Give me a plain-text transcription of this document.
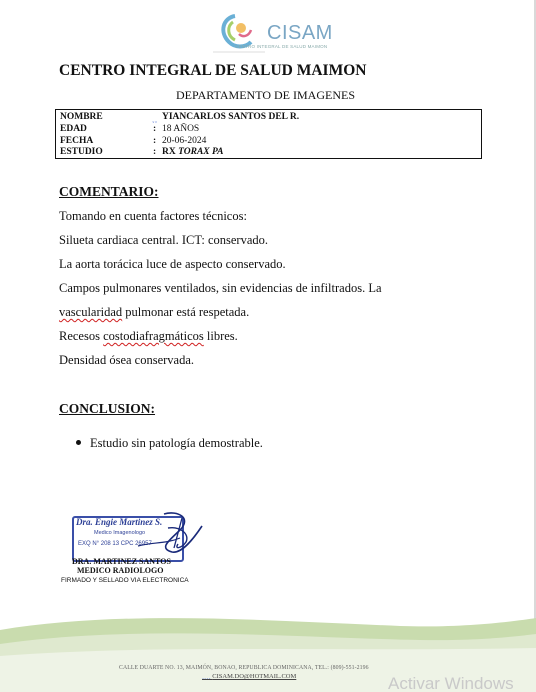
CISAM
CENTRO INTEGRAL DE SALUD MAIMON
CENTRO INTEGRAL DE SALUD MAIMON
DEPARTAMENTO DE IMAGENES
NOMBRE	˯˯ YIANCARLOS SANTOS DEL R.
EDAD	: 18 AÑOS
FECHA	: 20-06-2024
ESTUDIO	: RX TORAX PA
COMENTARIO:
Tomando en cuenta factores técnicos:
Silueta cardiaca central. ICT: conservado.
La aorta torácica luce de aspecto conservado.
Campos pulmonares ventilados, sin evidencias de infiltrados. La
vascularidad pulmonar está respetada.
Recesos costodiafragmáticos libres.
Densidad ósea conservada.
CONCLUSION:
Estudio sin patología demostrable.
Dra. Engie Martinez S.
Medico Imagenologo
EXQ N° 208 13 CPC 26957
DRA. MARTINEZ SANTOS
MEDICO RADIOLOGO
FIRMADO Y SELLADO VIA ELECTRONICA
CALLE DUARTE NO. 13, MAIMÓN, BONAO, REPUBLICA DOMINICANA, TEL.: (809)-551-2196
˯˯˯˯ CISAM.DO@HOTMAIL.COM	Activar Windows
